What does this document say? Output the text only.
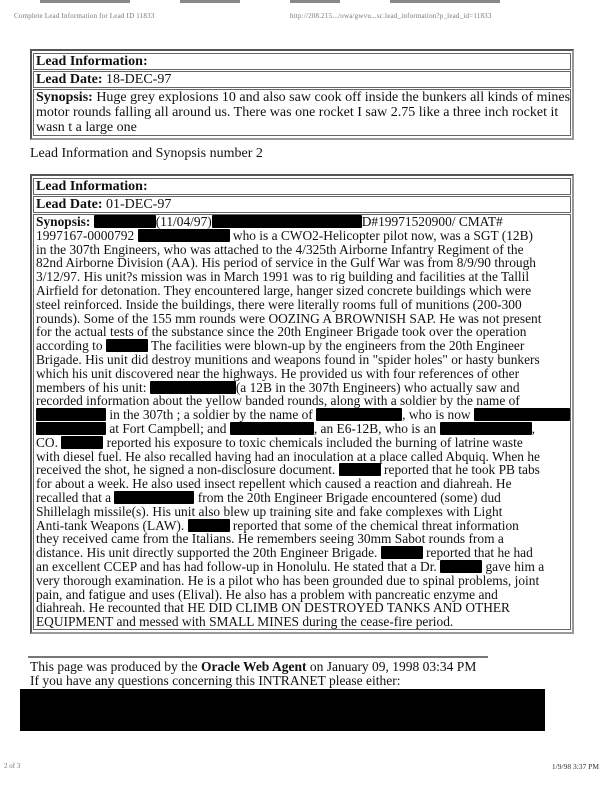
Complete Lead Information for Lead ID 11833	http://208.215.../owa/gwvu...sc.lead_information?p_lead_id=11833
Lead Information:
Lead Date: 18-DEC-97
Synopsis: Huge grey explosions 10 and also saw cook off inside the bunkers all kinds of mines
motor rounds falling all around us. There was one rocket I saw 2.75 like a three inch rocket it
wasn t a large one
Lead Information and Synopsis number 2
Lead Information:
Lead Date: 01-DEC-97
Synopsis: [R] (11/04/97)	[R]	D#19971520900/ CMAT#
1997167-0000792	[R]	who is a CWO2-Helicopter pilot now, was a SGT (12B)
in the 307th Engineers, who was attached to the 4/325th Airborne Infantry Regiment of the
82nd Airborne Division (AA). His period of service in the Gulf War was from 8/9/90 through
3/12/97. His unit?s mission was in March 1991 was to rig building and facilities at the Tallil
Airfield for detonation. They encountered large, hanger sized concrete buildings which were
steel reinforced. Inside the buildings, there were literally rooms full of munitions (200-300
rounds). Some of the 155 mm rounds were OOZING A BROWNISH SAP. He was not present
for the actual tests of the substance since the 20th Engineer Brigade took over the operation
according to [R] The facilities were blown-up by the engineers from the 20th Engineer
Brigade. His unit did destroy munitions and weapons found in "spider holes" or hasty bunkers
which his unit discovered near the highways. He provided us with four references of other
members of his unit:	[R]	(a 12B in the 307th Engineers) who actually saw and
recorded information about the yellow banded rounds, along with a soldier by the name of
[R] in the 307th ; a soldier by the name of	[R]	, who is now	[R]
[R] at Fort Campbell; and	[R]	, an E6-12B, who is an	[R]	,
CO. [R] reported his exposure to toxic chemicals included the burning of latrine waste
with diesel fuel. He also recalled having had an inoculation at a place called Abquiq. When he
received the shot, he signed a non-disclosure document. [R] reported that he took PB tabs
for about a week. He also used insect repellent which caused a reaction and diahreah. He
recalled that a	[R] from the 20th Engineer Brigade encountered (some) dud
Shillelagh missile(s). His unit also blew up training site and fake complexes with Light
Anti-tank Weapons (LAW). [R] reported that some of the chemical threat information
they received came from the Italians. He remembers seeing 30mm Sabot rounds from a
distance. His unit directly supported the 20th Engineer Brigade. [R] reported that he had
an excellent CCEP and has had follow-up in Honolulu. He stated that a Dr. [R] gave him a
very thorough examination. He is a pilot who has been grounded due to spinal problems, joint
pain, and fatigue and uses (Elival). He also has a problem with pancreatic enzyme and
diahreah. He recounted that HE DID CLIMB ON DESTROYED TANKS AND OTHER
EQUIPMENT and messed with SMALL MINES during the cease-fire period.
This page was produced by the Oracle Web Agent on January 09, 1998 03:34 PM
If you have any questions concerning this INTRANET please either:
2 of 3	1/9/98 3:37 PM
